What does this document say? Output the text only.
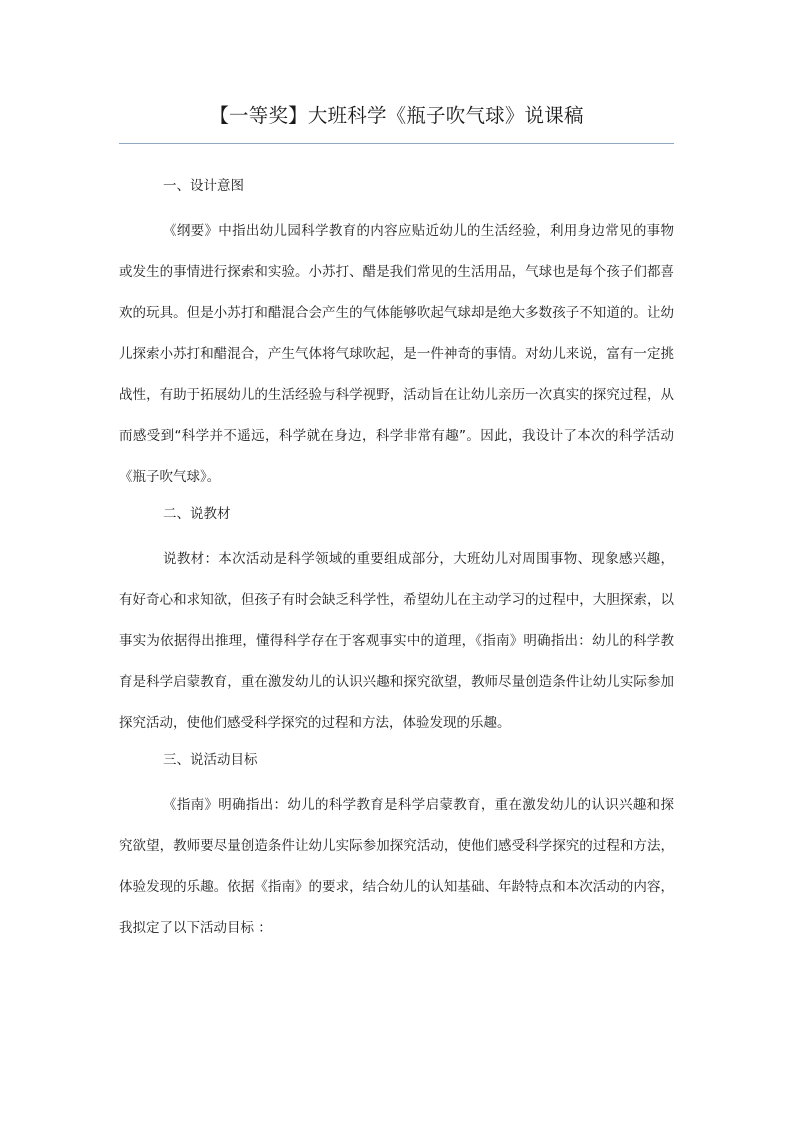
【一等奖】大班科学《瓶子吹气球》说课稿
一、设计意图

《纲要》中指出幼儿园科学教育的内容应贴近幼儿的生活经验，利用身边常见的事物或发生的事情进行探索和实验。小苏打、醋是我们常见的生活用品，气球也是每个孩子们都喜欢的玩具。但是小苏打和醋混合会产生的气体能够吹起气球却是绝大多数孩子不知道的。让幼儿探索小苏打和醋混合，产生气体将气球吹起，是一件神奇的事情。对幼儿来说，富有一定挑战性，有助于拓展幼儿的生活经验与科学视野，活动旨在让幼儿亲历一次真实的探究过程，从而感受到“科学并不遥远，科学就在身边，科学非常有趣”。因此，我设计了本次的科学活动《瓶子吹气球》。

二、说教材

说教材：本次活动是科学领域的重要组成部分，大班幼儿对周围事物、现象感兴趣，有好奇心和求知欲，但孩子有时会缺乏科学性，希望幼儿在主动学习的过程中，大胆探索，以事实为依据得出推理，懂得科学存在于客观事实中的道理，《指南》明确指出：幼儿的科学教育是科学启蒙教育，重在激发幼儿的认识兴趣和探究欲望，教师尽量创造条件让幼儿实际参加探究活动，使他们感受科学探究的过程和方法，体验发现的乐趣。

三、说活动目标

《指南》明确指出：幼儿的科学教育是科学启蒙教育，重在激发幼儿的认识兴趣和探究欲望，教师要尽量创造条件让幼儿实际参加探究活动，使他们感受科学探究的过程和方法，体验发现的乐趣。依据《指南》的要求，结合幼儿的认知基础、年龄特点和本次活动的内容，我拟定了以下活动目标 ：
